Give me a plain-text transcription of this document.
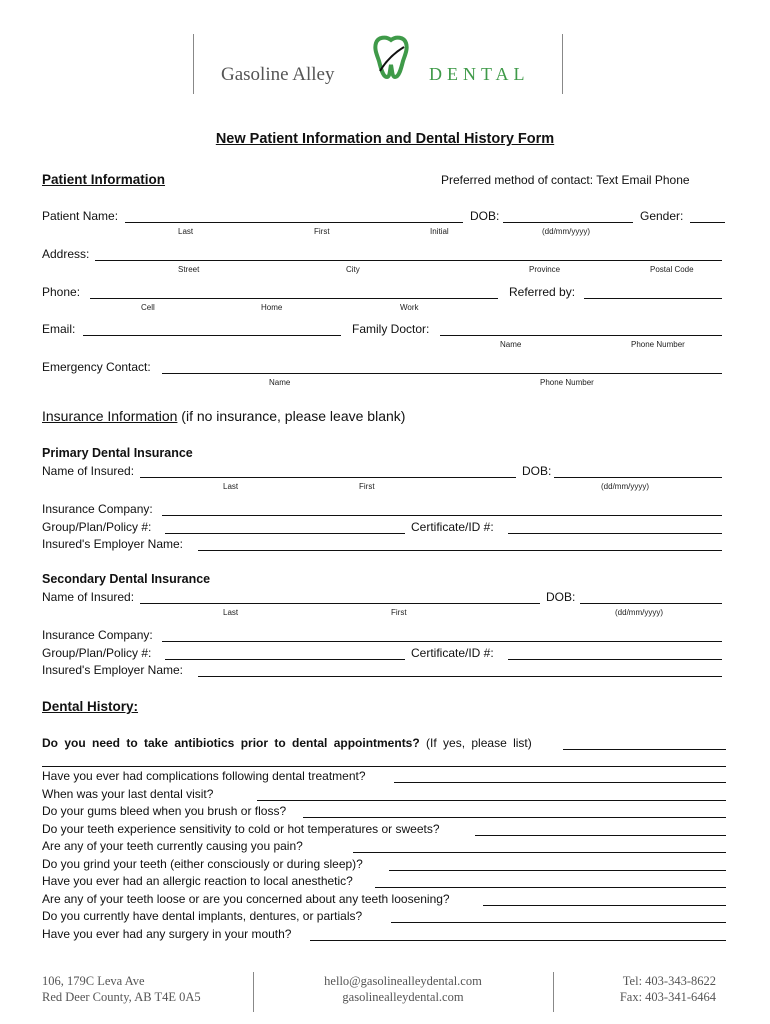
Gasoline Alley	DENTAL
New Patient Information and Dental History Form
Patient Information	Preferred method of contact: Text Email Phone
Patient Name:
Last	First	Initial
DOB:
(dd/mm/yyyy)
Gender:
Address:
Street	City	Province	Postal Code
Phone:
Cell	Home	Work
Referred by:
Email:	Family Doctor:
Name	Phone Number
Emergency Contact:
Name	Phone Number
Insurance Information (if no insurance, please leave blank)
Primary Dental Insurance
Name of Insured:
Last	First
DOB:
(dd/mm/yyyy)
Insurance Company:
Group/Plan/Policy #:	Certificate/ID #:
Insured's Employer Name:
Secondary Dental Insurance
Name of Insured:
Last	First
DOB:
(dd/mm/yyyy)
Insurance Company:
Group/Plan/Policy #:	Certificate/ID #:
Insured's Employer Name:
Dental History:
Do you need to take antibiotics prior to dental appointments? (If yes, please list)
Have you ever had complications following dental treatment?
When was your last dental visit?
Do your gums bleed when you brush or floss?
Do your teeth experience sensitivity to cold or hot temperatures or sweets?
Are any of your teeth currently causing you pain?
Do you grind your teeth (either consciously or during sleep)?
Have you ever had an allergic reaction to local anesthetic?
Are any of your teeth loose or are you concerned about any teeth loosening?
Do you currently have dental implants, dentures, or partials?
Have you ever had any surgery in your mouth?
106, 179C Leva Ave
Red Deer County, AB T4E 0A5
hello@gasolinealleydental.com
gasolinealleydental.com
Tel: 403-343-8622
Fax: 403-341-6464
